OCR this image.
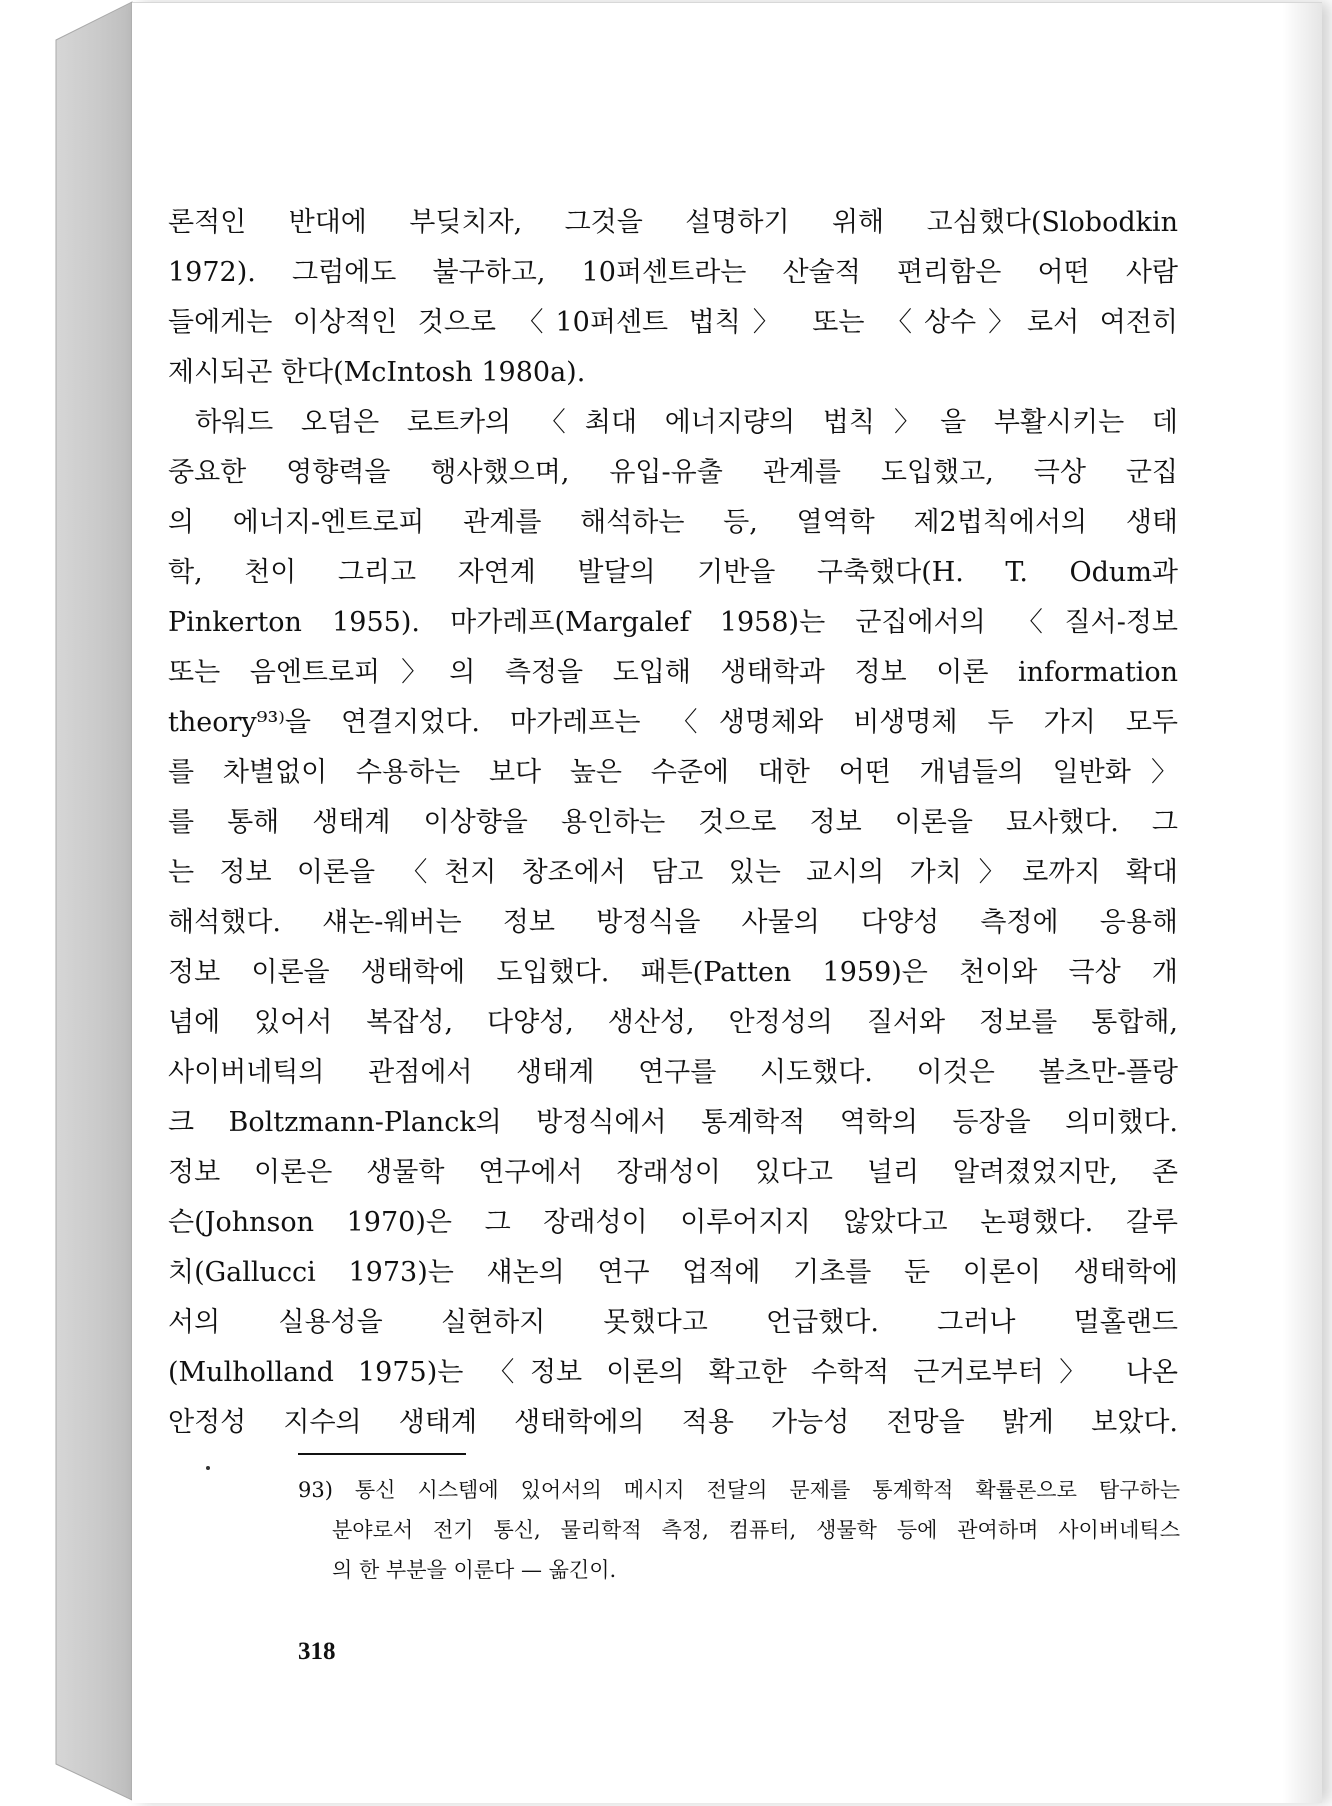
론적인 반대에 부딪치자, 그것을 설명하기 위해 고심했다(Slobodkin
1972). 그럼에도 불구하고, 10퍼센트라는 산술적 편리함은 어떤 사람
들에게는 이상적인 것으로 〈10퍼센트 법칙〉 또는 〈상수〉로서 여전히
제시되곤 한다(McIntosh 1980a).
하워드 오덤은 로트카의 〈최대 에너지량의 법칙〉을 부활시키는 데
중요한 영향력을 행사했으며, 유입-유출 관계를 도입했고, 극상 군집
의 에너지-엔트로피 관계를 해석하는 등, 열역학 제2법칙에서의 생태
학, 천이 그리고 자연계 발달의 기반을 구축했다(H. T. Odum과
Pinkerton 1955). 마가레프(Margalef 1958)는 군집에서의 〈질서-정보
또는 음엔트로피〉의 측정을 도입해 생태학과 정보 이론 information
theory⁹³⁾을 연결지었다. 마가레프는 〈생명체와 비생명체 두 가지 모두
를 차별없이 수용하는 보다 높은 수준에 대한 어떤 개념들의 일반화〉
를 통해 생태계 이상향을 용인하는 것으로 정보 이론을 묘사했다. 그
는 정보 이론을 〈천지 창조에서 담고 있는 교시의 가치〉로까지 확대
해석했다. 섀논-웨버는 정보 방정식을 사물의 다양성 측정에 응용해
정보 이론을 생태학에 도입했다. 패튼(Patten 1959)은 천이와 극상 개
념에 있어서 복잡성, 다양성, 생산성, 안정성의 질서와 정보를 통합해,
사이버네틱의 관점에서 생태계 연구를 시도했다. 이것은 볼츠만-플랑
크 Boltzmann-Planck의 방정식에서 통계학적 역학의 등장을 의미했다.
정보 이론은 생물학 연구에서 장래성이 있다고 널리 알려졌었지만, 존
슨(Johnson 1970)은 그 장래성이 이루어지지 않았다고 논평했다. 갈루
치(Gallucci 1973)는 섀논의 연구 업적에 기초를 둔 이론이 생태학에
서의 실용성을 실현하지 못했다고 언급했다. 그러나 멀홀랜드
(Mulholland 1975)는 〈정보 이론의 확고한 수학적 근거로부터〉 나온
안정성 지수의 생태계 생태학에의 적용 가능성 전망을 밝게 보았다.
93) 통신 시스템에 있어서의 메시지 전달의 문제를 통계학적 확률론으로 탐구하는
분야로서 전기 통신, 물리학적 측정, 컴퓨터, 생물학 등에 관여하며 사이버네틱스
의 한 부분을 이룬다 — 옮긴이.
318
